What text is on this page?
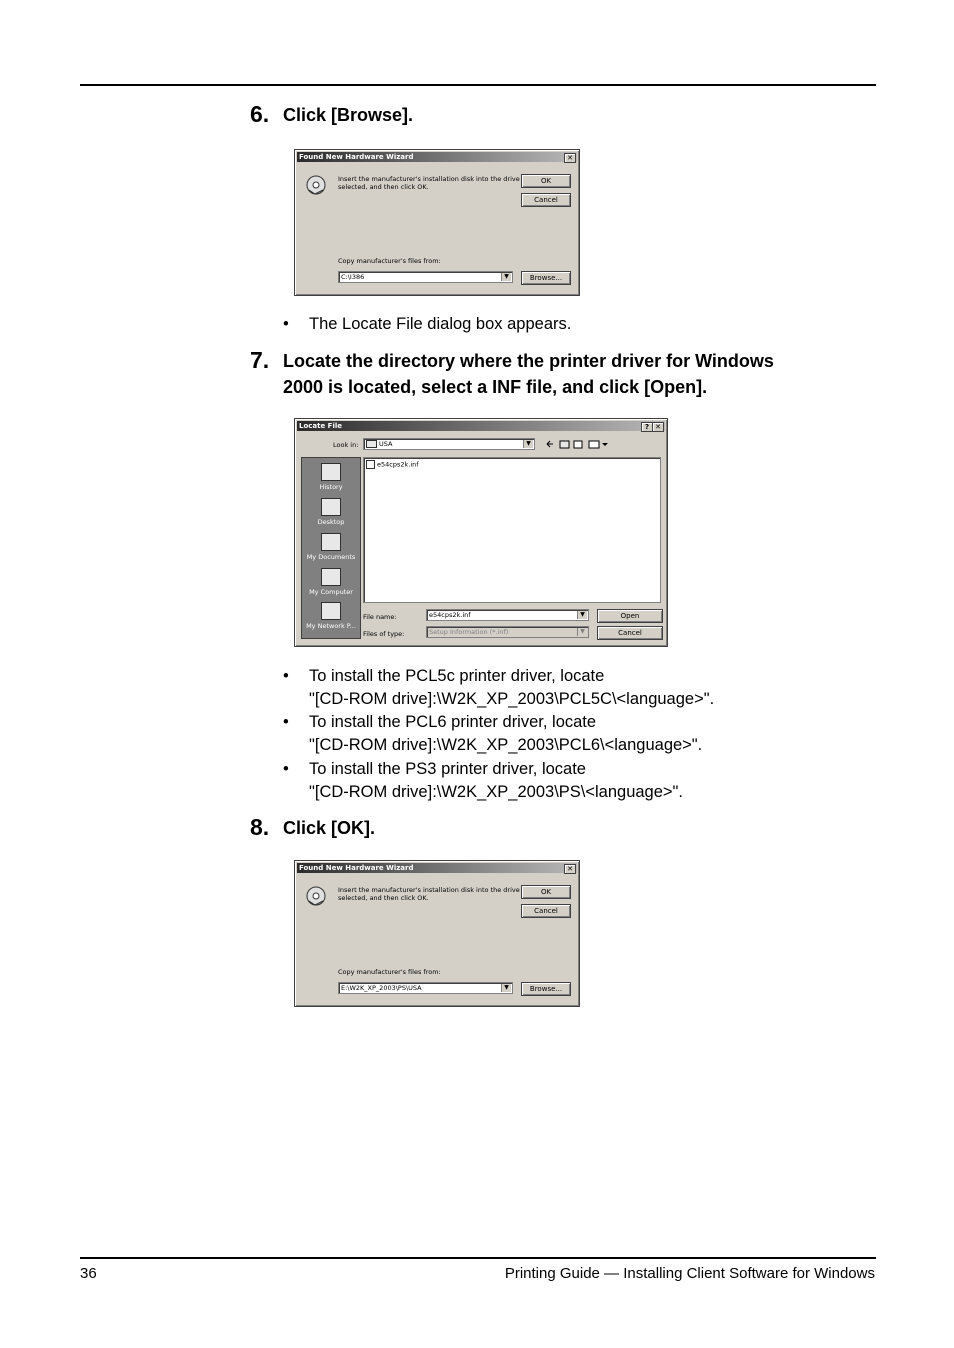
6. Click [Browse].
Found New Hardware Wizard	✕
Insert the manufacturer's installation disk into the drive
selected, and then click OK.
OK
Cancel
Copy manufacturer's files from:
C:\I386	▼	Browse...
• The Locate File dialog box appears.
7. Locate the directory where the printer driver for Windows
2000 is located, select a INF file, and click [Open].
Locate File	? ✕
Look in:	USA	▼
History
Desktop
My Documents
My Computer
My Network P...
e54cps2k.inf
File name:	e54cps2k.inf	▼	Open
Files of type:	Setup Information (*.inf)	▼	Cancel
• To install the PCL5c printer driver, locate
"[CD-ROM drive]:\W2K_XP_2003\PCL5C\<language>".
• To install the PCL6 printer driver, locate
"[CD-ROM drive]:\W2K_XP_2003\PCL6\<language>".
• To install the PS3 printer driver, locate
"[CD-ROM drive]:\W2K_XP_2003\PS\<language>".
8. Click [OK].
Found New Hardware Wizard	✕
Insert the manufacturer's installation disk into the drive
selected, and then click OK.
OK
Cancel
Copy manufacturer's files from:
E:\W2K_XP_2003\PS\USA	▼	Browse...
36	Printing Guide — Installing Client Software for Windows
